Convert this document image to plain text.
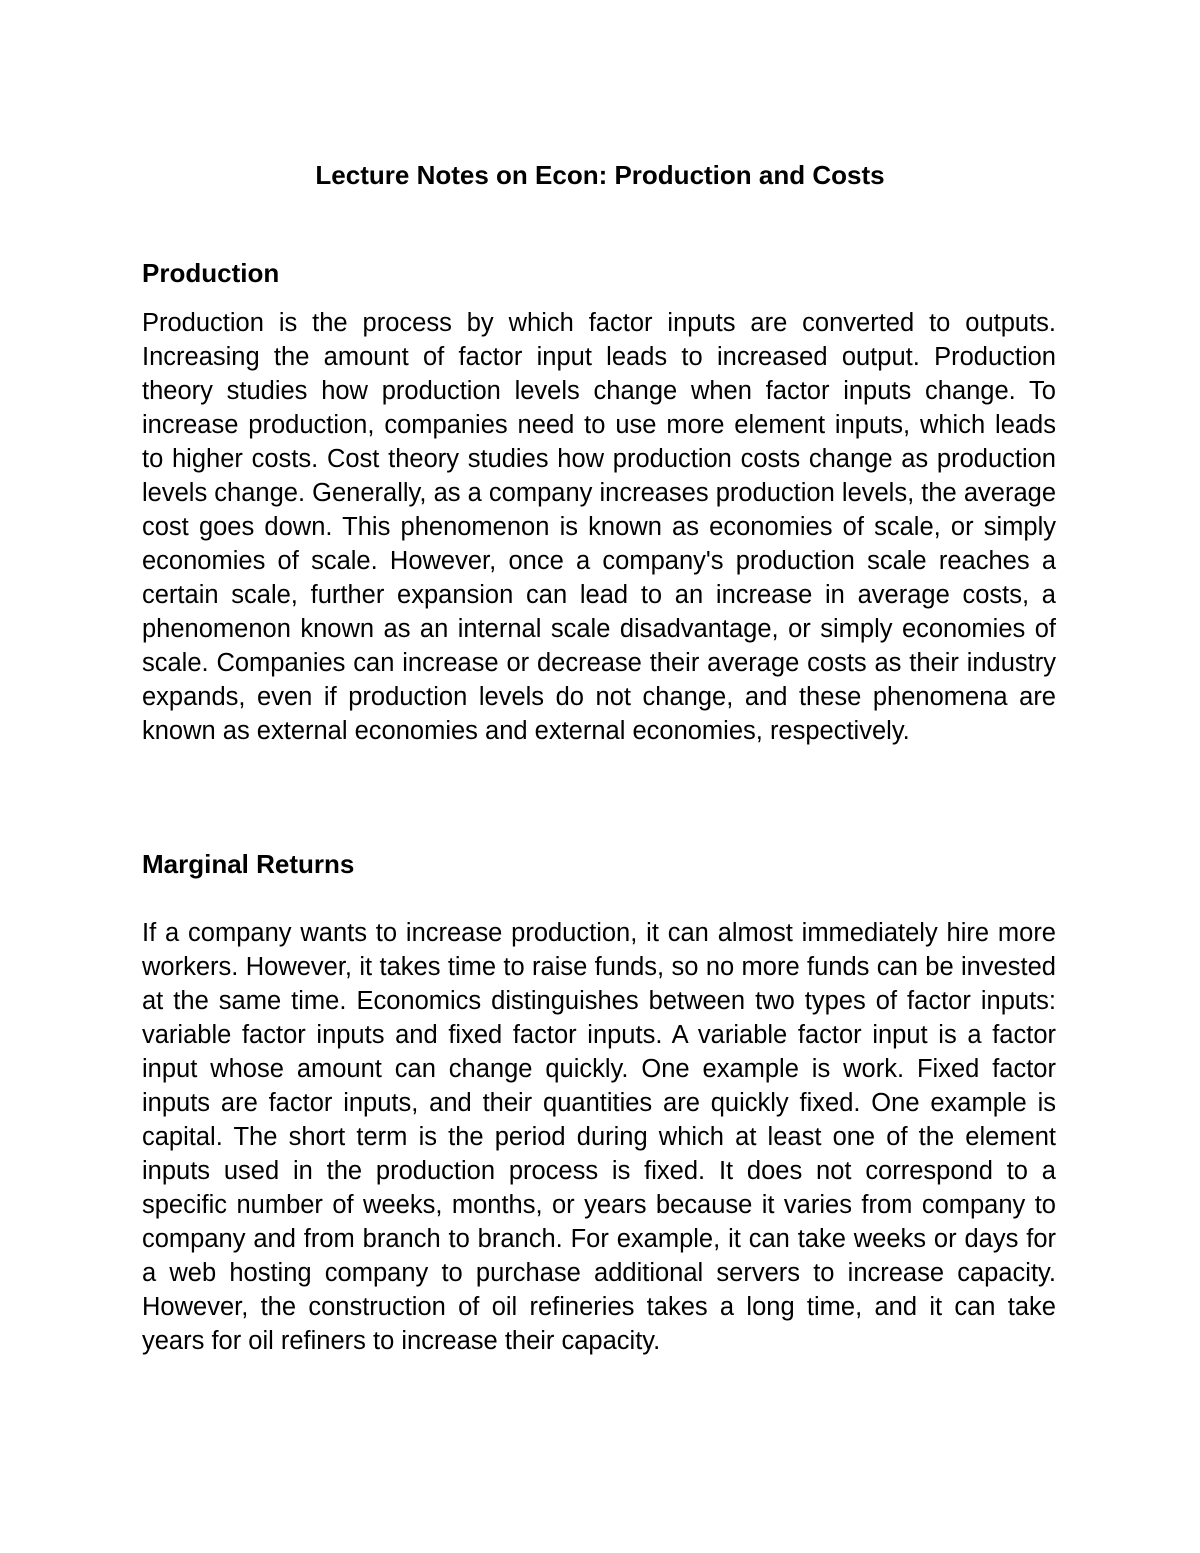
Lecture Notes on Econ: Production and Costs
Production

Production is the process by which factor inputs are converted to outputs. Increasing the amount of factor input leads to increased output. Production theory studies how production levels change when factor inputs change. To increase production, companies need to use more element inputs, which leads to higher costs. Cost theory studies how production costs change as production levels change. Generally, as a company increases production levels, the average cost goes down. This phenomenon is known as economies of scale, or simply economies of scale. However, once a company's production scale reaches a certain scale, further expansion can lead to an increase in average costs, a phenomenon known as an internal scale disadvantage, or simply economies of scale. Companies can increase or decrease their average costs as their industry expands, even if production levels do not change, and these phenomena are known as external economies and external economies, respectively.

Marginal Returns

If a company wants to increase production, it can almost immediately hire more workers. However, it takes time to raise funds, so no more funds can be invested at the same time. Economics distinguishes between two types of factor inputs: variable factor inputs and fixed factor inputs. A variable factor input is a factor input whose amount can change quickly. One example is work. Fixed factor inputs are factor inputs, and their quantities are quickly fixed. One example is capital. The short term is the period during which at least one of the element inputs used in the production process is fixed. It does not correspond to a specific number of weeks, months, or years because it varies from company to company and from branch to branch. For example, it can take weeks or days for a web hosting company to purchase additional servers to increase capacity. However, the construction of oil refineries takes a long time, and it can take years for oil refiners to increase their capacity.
